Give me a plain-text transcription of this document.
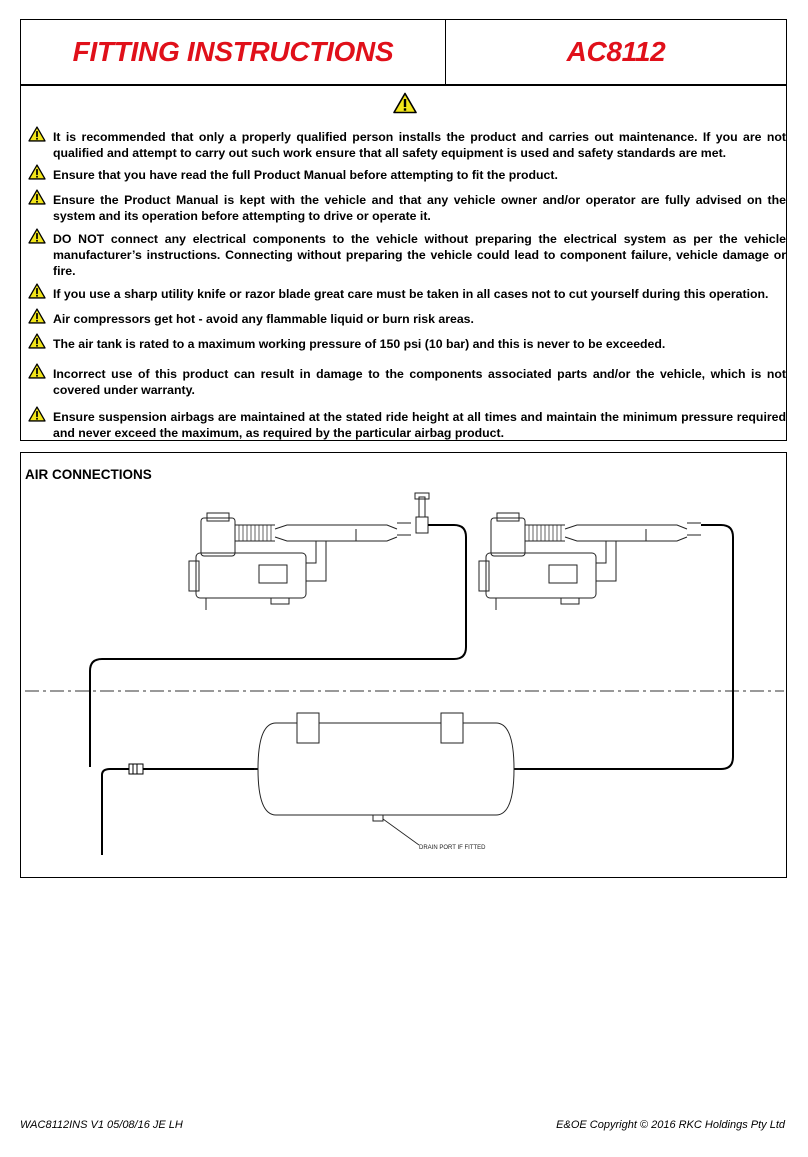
FITTING INSTRUCTIONS	AC8112
It is recommended that only a properly qualified person installs the product and carries out maintenance. If you are not qualified and attempt to carry out such work ensure that all safety equipment is used and safety standards are met.
Ensure that you have read the full Product Manual before attempting to fit the product.
Ensure the Product Manual is kept with the vehicle and that any vehicle owner and/or operator are fully advised on the system and its operation before attempting to drive or operate it.
DO NOT connect any electrical components to the vehicle without preparing the electrical system as per the vehicle manufacturer’s instructions. Connecting without preparing the vehicle could lead to component failure, vehicle damage or fire.
If you use a sharp utility knife or razor blade great care must be taken in all cases not to cut yourself during this operation.
Air compressors get hot - avoid any flammable liquid or burn risk areas.
The air tank is rated to a maximum working pressure of 150 psi (10 bar) and this is never to be exceeded.
Incorrect use of this product can result in damage to the components associated parts and/or the vehicle, which is not covered under warranty.
Ensure suspension airbags are maintained at the stated ride height at all times and maintain the minimum pressure required and never exceed the maximum, as required by the particular airbag product.
AIR CONNECTIONS
DRAIN PORT IF FITTED
WAC8112INS V1 05/08/16 JE LH	E&OE Copyright © 2016 RKC Holdings Pty Ltd
